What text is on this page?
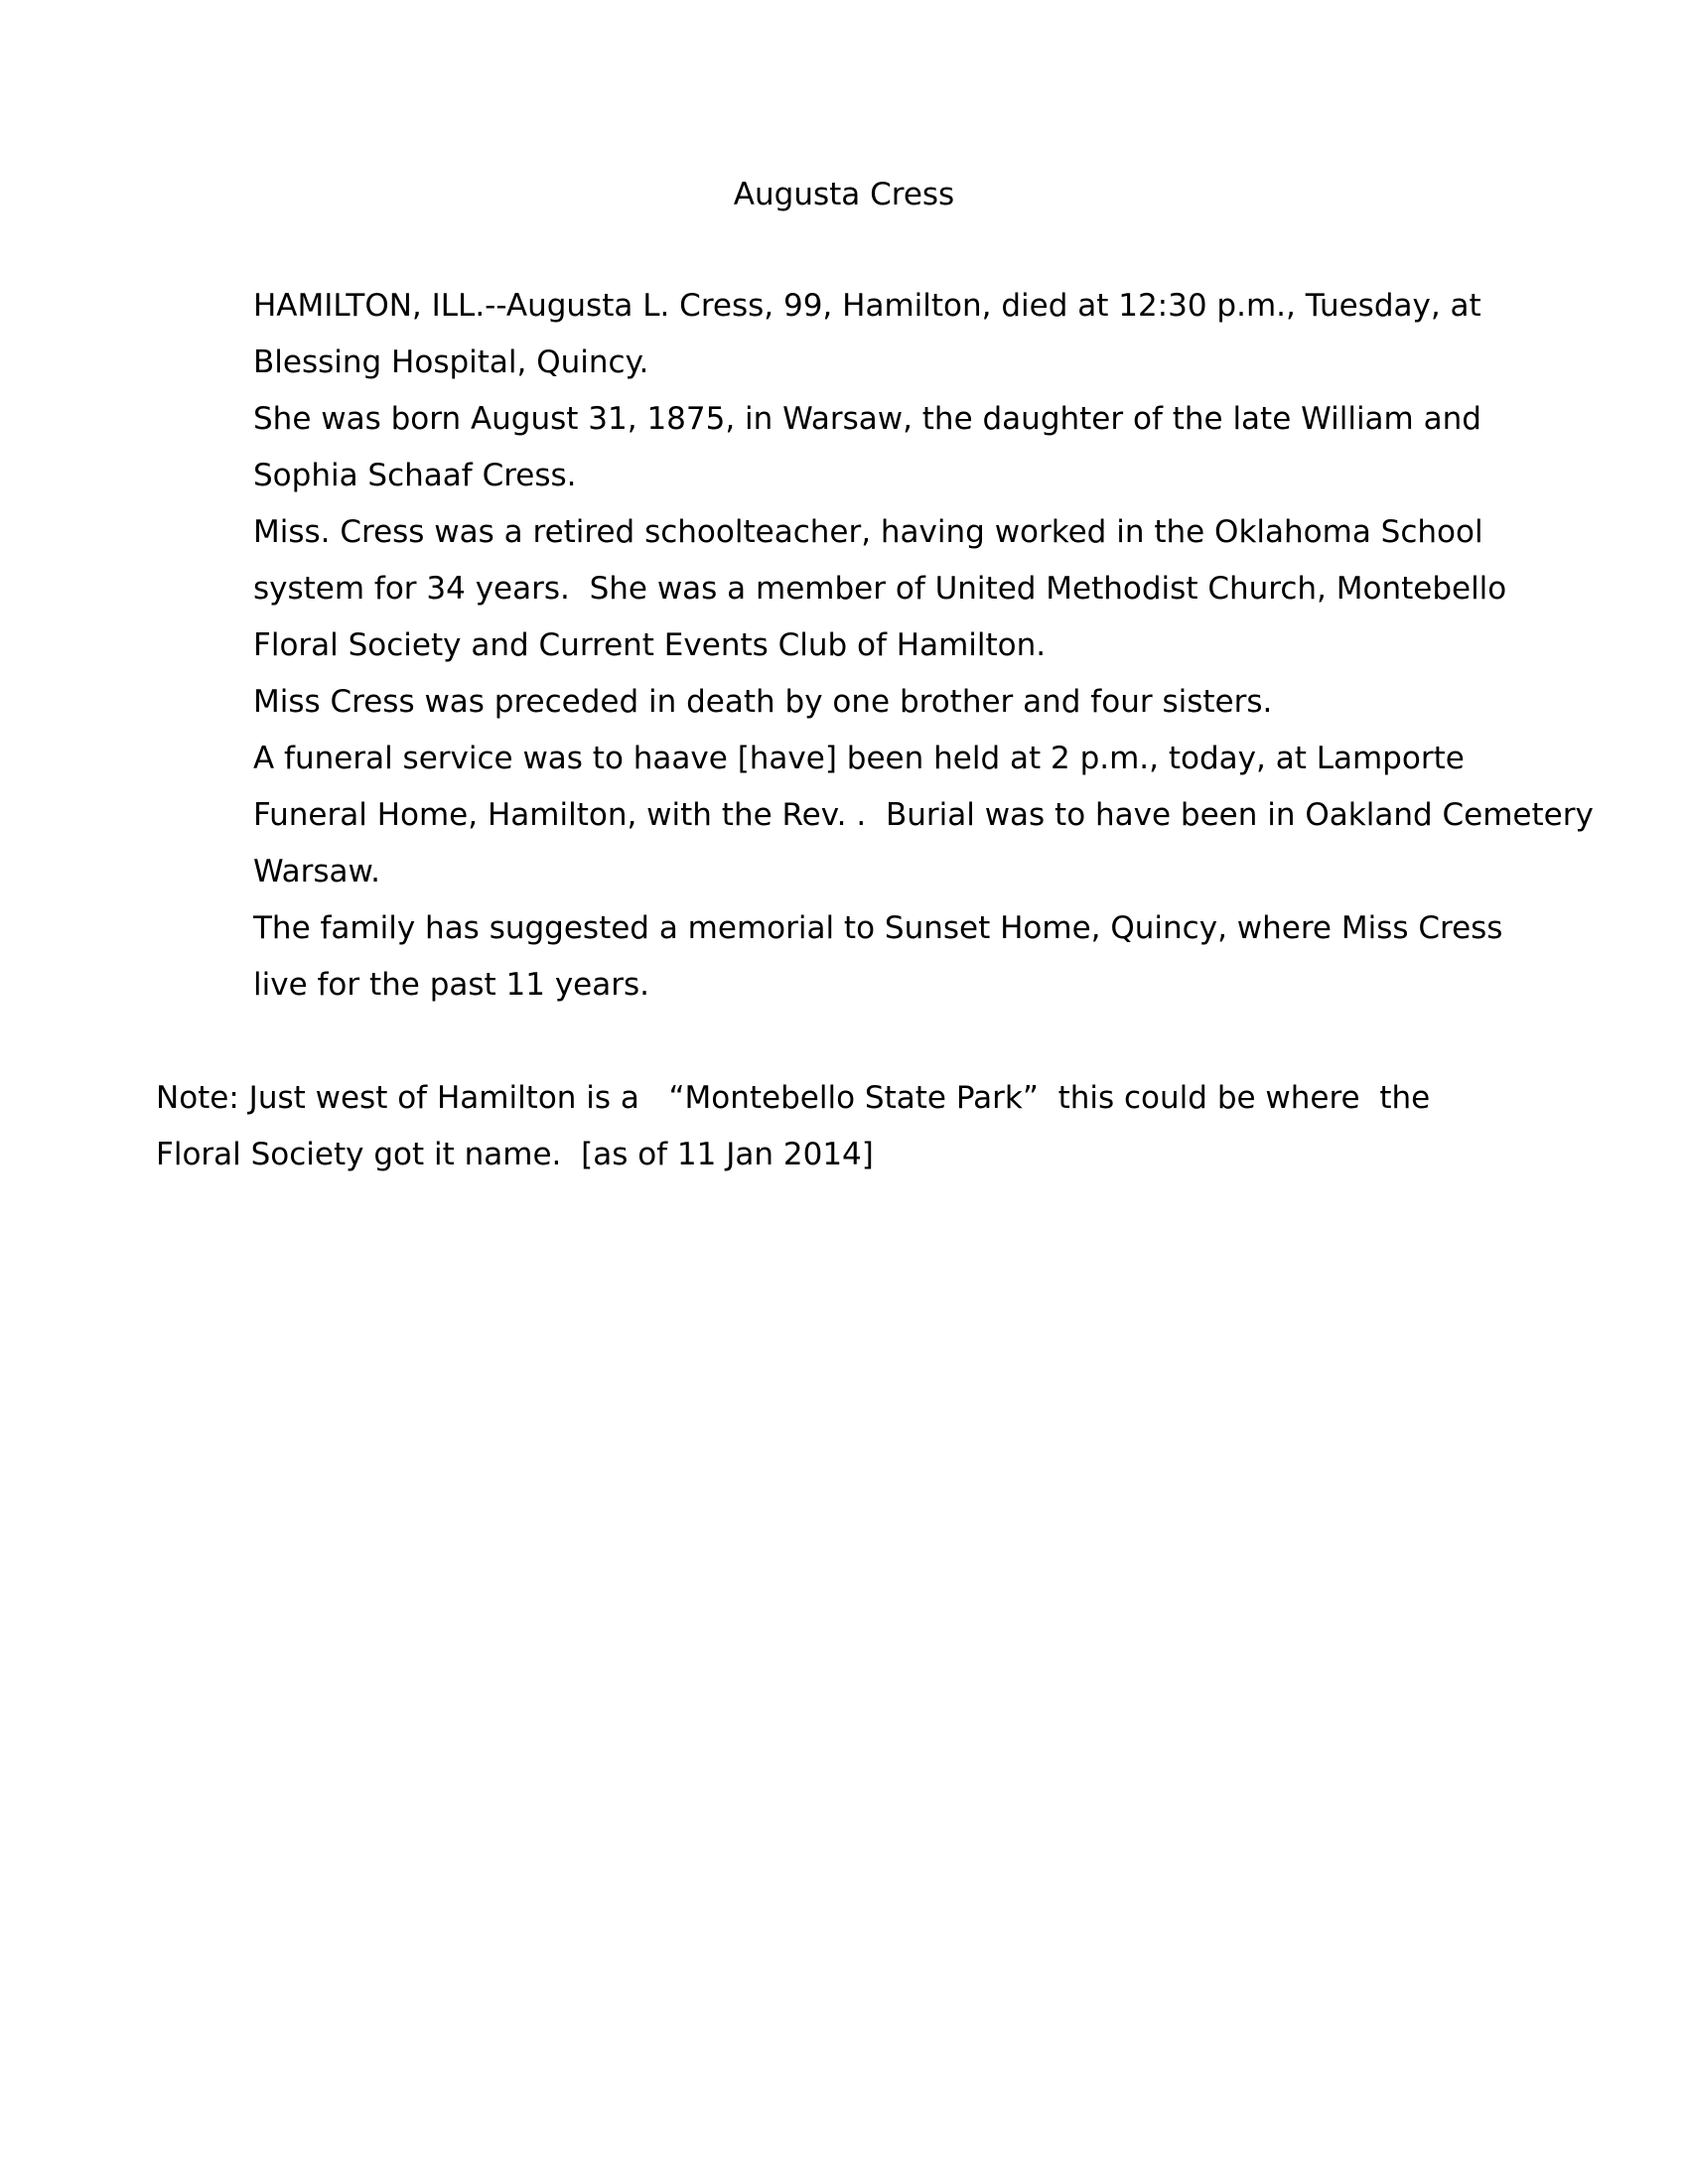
Augusta Cress

HAMILTON, ILL.--Augusta L. Cress, 99, Hamilton, died at 12:30 p.m., Tuesday, at
Blessing Hospital, Quincy.

She was born August 31, 1875, in Warsaw, the daughter of the late William and
Sophia Schaaf Cress.

Miss. Cress was a retired schoolteacher, having worked in the Oklahoma School
system for 34 years.  She was a member of United Methodist Church, Montebello
Floral Society and Current Events Club of Hamilton.

Miss Cress was preceded in death by one brother and four sisters.

A funeral service was to haave [have] been held at 2 p.m., today, at Lamporte
Funeral Home, Hamilton, with the Rev. .  Burial was to have been in Oakland Cemetery
Warsaw.

The family has suggested a memorial to Sunset Home, Quincy, where Miss Cress
live for the past 11 years.

Note: Just west of Hamilton is a   “Montebello State Park”  this could be where  the
Floral Society got it name.  [as of 11 Jan 2014]
